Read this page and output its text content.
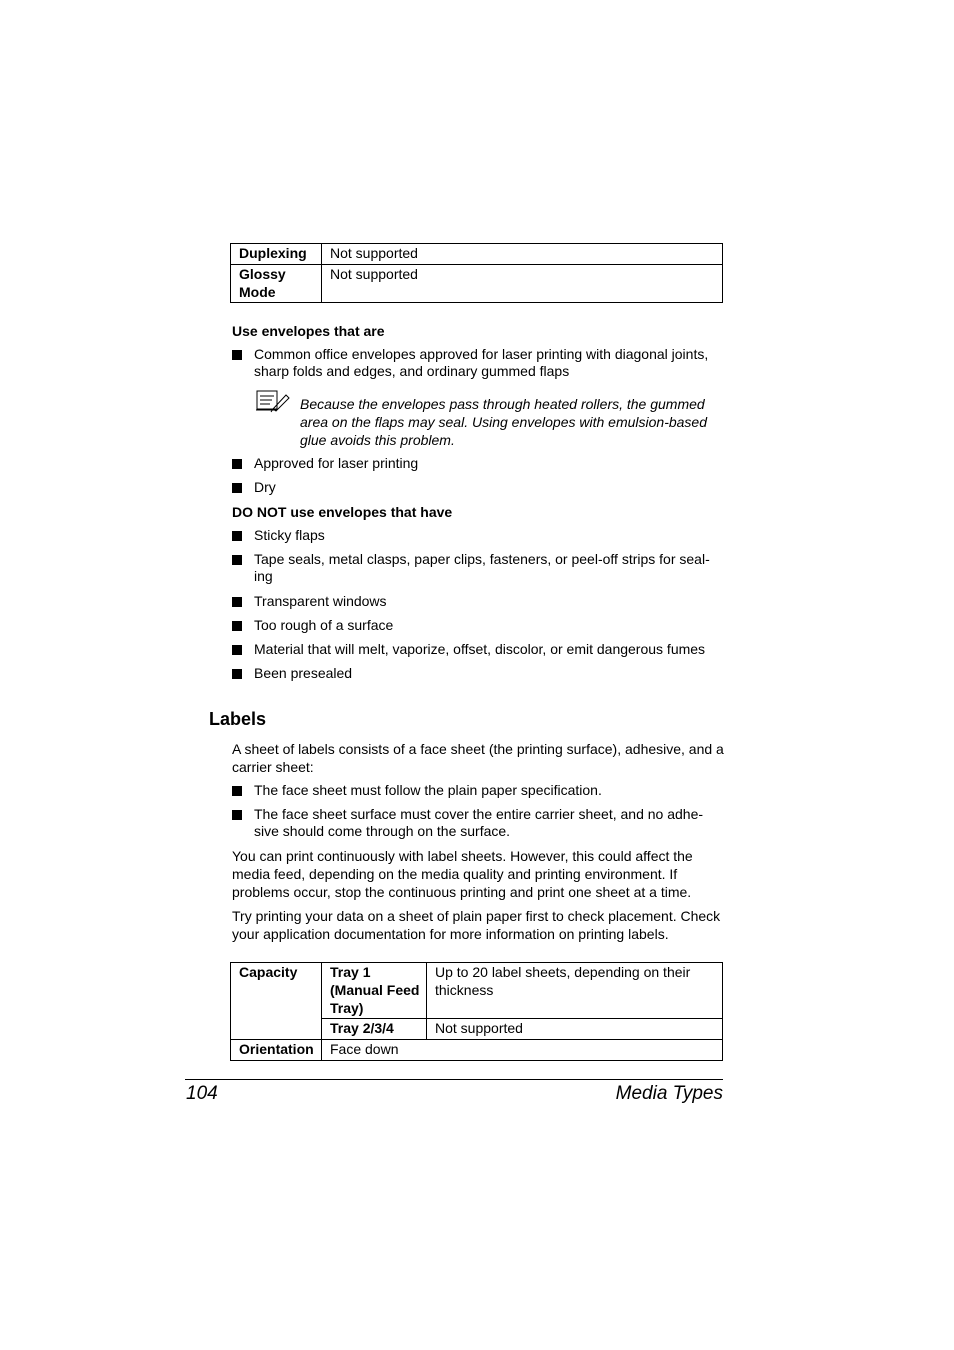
Duplexing	Not supported
Glossy Mode	Not supported
Use envelopes that are
Common office envelopes approved for laser printing with diagonal joints, sharp folds and edges, and ordinary gummed flaps
Because the envelopes pass through heated rollers, the gummed area on the flaps may seal. Using envelopes with emulsion-based glue avoids this problem.
Approved for laser printing
Dry
DO NOT use envelopes that have
Sticky flaps
Tape seals, metal clasps, paper clips, fasteners, or peel-off strips for seal-ing
Transparent windows
Too rough of a surface
Material that will melt, vaporize, offset, discolor, or emit dangerous fumes
Been presealed
Labels
A sheet of labels consists of a face sheet (the printing surface), adhesive, and a carrier sheet:
The face sheet must follow the plain paper specification.
The face sheet surface must cover the entire carrier sheet, and no adhe-sive should come through on the surface.
You can print continuously with label sheets. However, this could affect the media feed, depending on the media quality and printing environment. If problems occur, stop the continuous printing and print one sheet at a time.
Try printing your data on a sheet of plain paper first to check placement. Check your application documentation for more information on printing labels.
Capacity	Tray 1 (Manual Feed Tray)	Up to 20 label sheets, depending on their thickness
	Tray 2/3/4	Not supported
Orientation	Face down	
104	Media Types
